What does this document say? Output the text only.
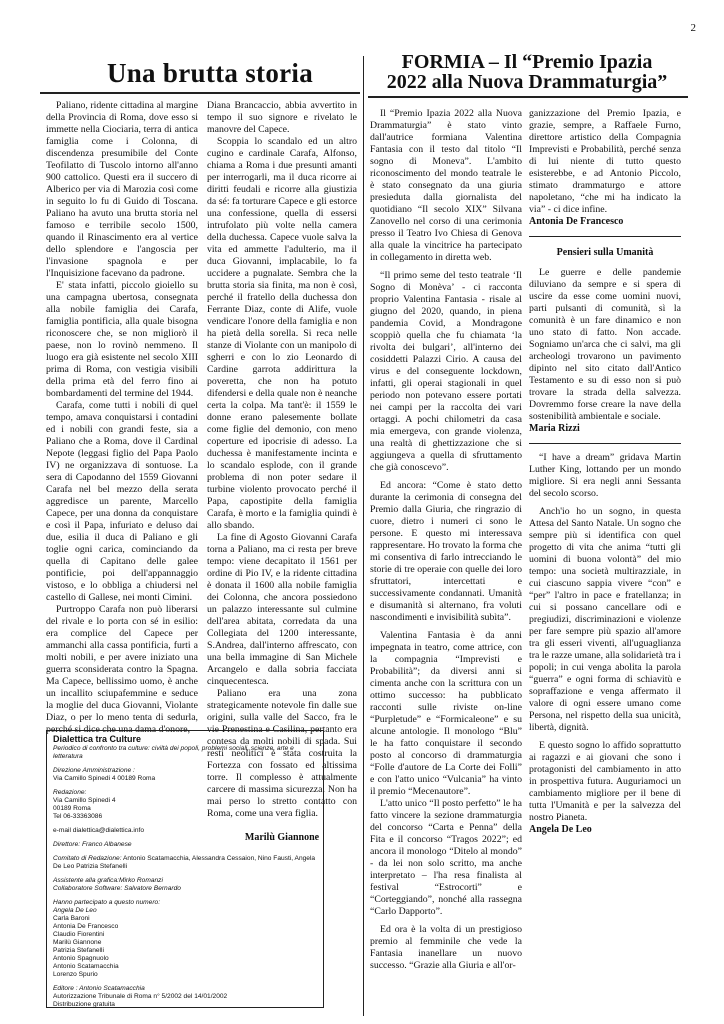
2
Una brutta storia	FORMIA – Il “Premio Ipazia
2022 alla Nuova Drammaturgia”

Paliano, ridente cittadina al margine della Provincia di Roma, dove esso si immette nella Ciociaria, terra di antica famiglia come i Colonna, di discendenza presumibile del Conte Teofilatto di Tuscolo intorno all'anno 900 cattolico. Questi era il succero di Alberico per via di Marozia così come in seguito lo fu di Guido di Toscana. Paliano ha avuto una brutta storia nel famoso e terribile secolo 1500, quando il Rinascimento era al vertice dello splendore e l'angoscia per l'invasione spagnola e per l'Inquisizione facevano da padrone.

E' stata infatti, piccolo gioiello su una campagna ubertosa, consegnata alla nobile famiglia dei Carafa, famiglia pontificia, alla quale bisogna riconoscere che, se non migliorò il paese, non lo rovinò nemmeno. Il luogo era già esistente nel secolo XIII prima di Roma, con vestigia visibili della prima età del ferro fino ai bombardamenti del termine del 1944.

Carafa, come tutti i nobili di quel tempo, amava conquistarsi i contadini ed i nobili con grandi feste, sia a Paliano che a Roma, dove il Cardinal Nepote (leggasi figlio del Papa Paolo IV) ne organizzava di sontuose. La sera di Capodanno del 1559 Giovanni Carafa nel bel mezzo della serata aggredisce un parente, Marcello Capece, per una donna da conquistare e così il Papa, infuriato e deluso dai due, esilia il duca di Paliano e gli toglie ogni carica, cominciando da quella di Capitano delle galee pontificie, poi dell'appannaggio vistoso, e lo obbliga a chiudersi nel castello di Gallese, nei monti Cimini.

Purtroppo Carafa non può liberarsi del rivale e lo porta con sé in esilio: era complice del Capece per ammanchi alla cassa pontificia, furti a molti nobili, e per avere iniziato una guerra sconsiderata contro la Spagna. Ma Capece, bellissimo uomo, è anche un incallito sciupafemmine e seduce la moglie del duca Giovanni, Violante Diaz, o per lo meno tenta di sedurla, perché si dice che una dama d'onore,

Diana Brancaccio, abbia avvertito in tempo il suo signore e rivelato le manovre del Capece.

Scoppia lo scandalo ed un altro cugino e cardinale Carafa, Alfonso, chiama a Roma i due presunti amanti per interrogarli, ma il duca ricorre ai diritti feudali e ricorre alla giustizia da sé: fa torturare Capece e gli estorce una confessione, quella di essersi intrufolato più volte nella camera della duchessa. Capece vuole salva la vita ed ammette l'adulterio, ma il duca Giovanni, implacabile, lo fa uccidere a pugnalate. Sembra che la brutta storia sia finita, ma non è così, perché il fratello della duchessa don Ferrante Diaz, conte di Alife, vuole vendicare l'onore della famiglia e non ha pietà della sorella. Si reca nelle stanze di Violante con un manipolo di sgherri e con lo zio Leonardo di Cardine garrota addirittura la poveretta, che non ha potuto difendersi e della quale non è neanche certa la colpa. Ma tant'è: il 1559 le donne erano palesemente bollate come figlie del demonio, con meno coperture ed ipocrisie di adesso. La duchessa è manifestamente incinta e lo scandalo esplode, con il grande problema di non poter sedare il turbine violento provocato perché il Papa, capostipite della famiglia Carafa, è morto e la famiglia quindi è allo sbando.

La fine di Agosto Giovanni Carafa torna a Paliano, ma ci resta per breve tempo: viene decapitato il 1561 per ordine di Pio IV, e la ridente cittadina è donata il 1600 alla nobile famiglia dei Colonna, che ancora possiedono un palazzo interessante sul culmine dell'area abitata, corredata da una Collegiata del 1200 interessante, S.Andrea, dall'interno affrescato, con una bella immagine di San Michele Arcangelo e dalla sobria facciata cinquecentesca.

Paliano era una zona strategicamente notevole fin dalle sue origini, sulla valle del Sacco, fra le vie Prenestina e Casilina, pertanto era contesa da molti nobili di spada. Sui resti neolitici è stata costruita la Fortezza con fossato ed altissima torre. Il complesso è attualmente carcere di massima sicurezza. Non ha mai perso lo stretto contatto con Roma, come una vera figlia.

Marilù Giannone
Dialettica tra Culture
Periodico di confronto tra culture: civiltà dei popoli, problemi sociali, scienze, arte e letteratura
Direzione Amministrazione :
Via Camillo Spinedi 4 00189 Roma
Redazione:
Via Camillo Spinedi 4
00189 Roma
Tel 06-33363086
e-mail dialettica@dialettica.info
Direttore: Franco Albanese
Comitato di Redazione: Antonio Scatamacchia, Alessandra Cessaion, Nino Fausti, Angela De Leo Patrizia Stefanelli
Assistente alla grafica:Mirko Romanzi
Collaboratore Software: Salvatore Bernardo
Hanno partecipato a questo numero:
Angela De Leo
Carla Baroni
Antonia De Francesco
Claudio Fiorentini
Marilù Giannone
Patrizia Stefanelli
Antonio Spagnuolo
Antonio Scatamacchia
Lorenzo Spurio
Editore : Antonio Scatamacchia
Autorizzazione Tribunale di Roma n° 5/2002 del 14/01/2002
Distribuzione gratuita

Il “Premio Ipazia 2022 alla Nuova Drammaturgia” è stato vinto dall'autrice formiana Valentina Fantasia con il testo dal titolo “Il sogno di Moneva”. L'ambito riconoscimento del mondo teatrale le è stato consegnato da una giuria presieduta dalla giornalista del quotidiano “Il secolo XIX” Silvana Zanovello nel corso di una cerimonia presso il Teatro Ivo Chiesa di Genova alla quale la vincitrice ha partecipato in collegamento in diretta web.

“Il primo seme del testo teatrale ‘Il Sogno di Monèva’ - ci racconta proprio Valentina Fantasia - risale al giugno del 2020, quando, in piena pandemia Covid, a Mondragone scoppiò quella che fu chiamata ‘la rivolta dei bulgari’, all'interno dei cosiddetti Palazzi Cirio. A causa del virus e del conseguente lockdown, infatti, gli operai stagionali in quel periodo non potevano essere portati nei campi per la raccolta dei vari ortaggi. A pochi chilometri da casa mia emergeva, con grande violenza, una realtà di ghettizzazione che si aggiungeva a quella di sfruttamento che già conoscevo”.

Ed ancora: “Come è stato detto durante la cerimonia di consegna del Premio dalla Giuria, che ringrazio di cuore, dietro i numeri ci sono le persone. E questo mi interessava rappresentare. Ho trovato la forma che mi consentiva di farlo intrecciando le storie di tre operaie con quelle dei loro sfruttatori, intercettati e successivamente condannati. Umanità e disumanità si alternano, fra voluti nascondimenti e invisibilità subìta”.

Valentina Fantasia è da anni impegnata in teatro, come attrice, con la compagnia “Imprevisti e Probabilità”; da diversi anni si cimenta anche con la scrittura con un ottimo successo: ha pubblicato racconti sulle riviste on-line “Purpletude” e “Formicaleone” e su alcune antologie. Il monologo “Blu” le ha fatto conquistare il secondo posto al concorso di drammaturgia “Folle d'autore de La Corte dei Folli” e con l'atto unico “Vulcania” ha vinto il premio “Mecenautore”.

L'atto unico “Il posto perfetto” le ha fatto vincere la sezione drammaturgia del concorso “Carta e Penna” della Fita e il concorso “Tragos 2022”; ed ancora il monologo “Ditelo al mondo” - da lei non solo scritto, ma anche interpretato – l'ha resa finalista al festival “Estrocorti” e “Corteggiando”, nonché alla rassegna “Carlo Dapporto”.

Ed ora è la volta di un prestigioso premio al femminile che vede la Fantasia inanellare un nuovo successo. “Grazie alla Giuria e all'or-

ganizzazione del Premio Ipazia, e grazie, sempre, a Raffaele Furno, direttore artistico della Compagnia Imprevisti e Probabilità, perché senza di lui niente di tutto questo esisterebbe, e ad Antonio Piccolo, stimato drammaturgo e attore napoletano, “che mi ha indicato la via” - ci dice infine.

Antonia De Francesco

Pensieri sulla Umanità

Le guerre e delle pandemie diluviano da sempre e si spera di uscire da esse come uomini nuovi, parti pulsanti di comunità, sì la comunità è un fare dinamico e non uno stato di fatto. Non accade. Sogniamo un'arca che ci salvi, ma gli archeologi trovarono un pavimento dipinto nel sito citato dall'Antico Testamento e su di esso non si può trovare la strada della salvezza. Dovremmo forse creare la nave della sostenibilità ambientale e sociale.

Maria Rizzi

“I have a dream” gridava Martin Luther King, lottando per un mondo migliore. Si era negli anni Sessanta del secolo scorso.

Anch'io ho un sogno, in questa Attesa del Santo Natale. Un sogno che sempre più si identifica con quel progetto di vita che anima “tutti gli uomini di buona volontà” del mio tempo: una società multirazziale, in cui ciascuno sappia vivere “con” e “per” l'altro in pace e fratellanza; in cui si possano cancellare odi e pregiudizi, discriminazioni e violenze per fare sempre più spazio all'amore tra gli esseri viventi, all'uguaglianza tra le razze umane, alla solidarietà tra i popoli; in cui venga abolita la parola “guerra” e ogni forma di schiavitù e sopraffazione e venga affermato il valore di ogni essere umano come Persona, nel rispetto della sua unicità, libertà, dignità.

E questo sogno lo affido soprattutto ai ragazzi e ai giovani che sono i protagonisti del cambiamento in atto in prospettiva futura. Auguriamoci un cambiamento migliore per il bene di tutta l'Umanità e per la salvezza del nostro Pianeta.

Angela De Leo
